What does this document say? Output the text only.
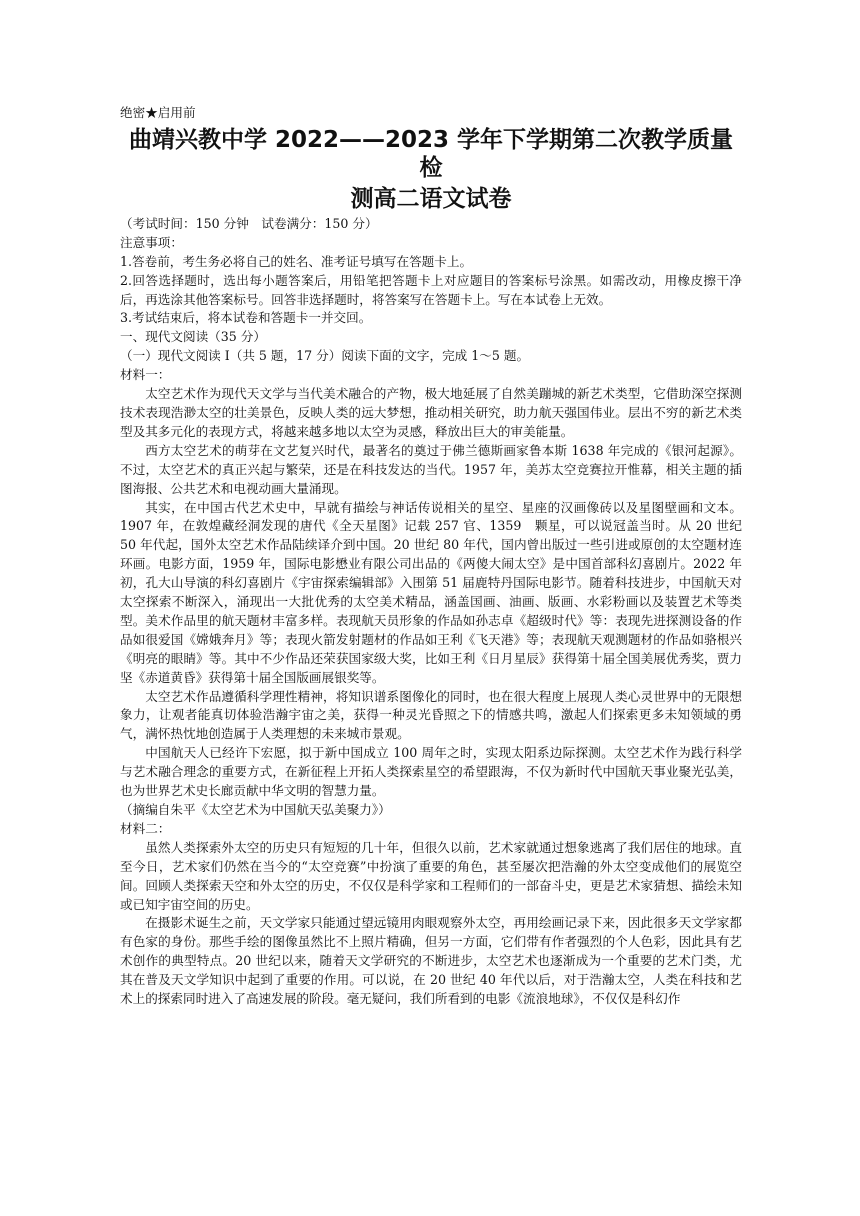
绝密★启用前
曲靖兴教中学 2022——2023 学年下学期第二次教学质量检
测高二语文试卷
（考试时间：150 分钟　试卷满分：150 分）
注意事项：

1.答卷前，考生务必将自己的姓名、准考证号填写在答题卡上。

2.回答选择题时，选出每小题答案后，用铅笔把答题卡上对应题目的答案标号涂黑。如需改动，用橡皮擦干净后，再选涂其他答案标号。回答非选择题时，将答案写在答题卡上。写在本试卷上无效。

3.考试结束后，将本试卷和答题卡一并交回。

一、现代文阅读（35 分）
（一）现代文阅读 I（共 5 题，17 分）阅读下面的文字，完成 1～5 题。
材料一：

太空艺术作为现代天文学与当代美术融合的产物，极大地延展了自然美蹦城的新艺术类型，它借助深空探测技术表现浩渺太空的壮美景色，反映人类的远大梦想，推动相关研究，助力航天强国伟业。层出不穷的新艺术类型及其多元化的表现方式，将越来越多地以太空为灵感，释放出巨大的审美能量。

西方太空艺术的萌芽在文艺复兴时代，最著名的奠过于佛兰德斯画家鲁本斯 1638 年完成的《银河起源》。不过，太空艺术的真正兴起与繁荣，还是在科技发达的当代。1957 年，美苏太空竞赛拉开惟幕，相关主题的插图海报、公共艺术和电视动画大量涌现。

其实，在中国古代艺术史中，早就有描绘与神话传说相关的星空、星座的汉画像砖以及星图壁画和文本。1907 年，在敦煌藏经洞发现的唐代《全天星图》记载 257 官、1359　颗星，可以说冠盖当时。从 20 世纪 50 年代起，国外太空艺术作品陆续译介到中国。20 世纪 80 年代，国内曾出版过一些引进或原创的太空题材连环画。电影方面，1959 年，国际电影懋业有限公司出品的《两傻大闹太空》是中国首部科幻喜剧片。2022 年初，孔大山导演的科幻喜剧片《宇宙探索编辑部》入围第 51 届鹿特丹国际电影节。随着科技进步，中国航天对太空探索不断深入，涌现出一大批优秀的太空美术精品，涵盖国画、油画、版画、水彩粉画以及装置艺术等类型。美术作品里的航天题材丰富多样。表现航天员形象的作品如孙志卓《超级时代》等：表现先进探测设备的作品如很爱国《嫦娥奔月》等；表现火箭发射题材的作品如王利《飞天港》等；表现航天观测题材的作品如骆根兴《明亮的眼睛》等。其中不少作品还荣获国家级大奖，比如王利《日月星辰》获得第十届全国美展优秀奖，贾力坚《赤道黄昏》获得第十届全国版画展银奖等。

太空艺术作品遵循科学理性精神，将知识谱系图像化的同时，也在很大程度上展现人类心灵世界中的无限想象力，让观者能真切体验浩瀚宇宙之美，获得一种灵光昏照之下的情感共鸣，激起人们探索更多未知领域的勇气，满怀热忱地创造属于人类理想的未来城市景观。

中国航天人已经许下宏愿，拟于新中国成立 100 周年之时，实现太阳系边际探测。太空艺术作为践行科学与艺术融合理念的重要方式，在新征程上开拓人类探索星空的希望跟海，不仅为新时代中国航天事业聚光弘美，也为世界艺术史长廊贡献中华文明的智慧力量。

（摘编自朱平《太空艺术为中国航天弘美聚力》）
材料二：

虽然人类探索外太空的历史只有短短的几十年，但很久以前，艺术家就通过想象逃离了我们居住的地球。直至今日，艺术家们仍然在当今的“太空竞赛”中扮演了重要的角色，甚至屡次把浩瀚的外太空变成他们的展览空间。回顾人类探索天空和外太空的历史，不仅仅是科学家和工程师们的一部奋斗史，更是艺术家猜想、描绘未知或已知宇宙空间的历史。

在摄影术诞生之前，天文学家只能通过望远镜用肉眼观察外太空，再用绘画记录下来，因此很多天文学家都有色家的身份。那些手绘的图像虽然比不上照片精确，但另一方面，它们带有作者强烈的个人色彩，因此具有艺术创作的典型特点。20 世纪以来，随着天文学研究的不断进步，太空艺术也逐渐成为一个重要的艺术门类，尤其在普及天文学知识中起到了重要的作用。可以说，在 20 世纪 40 年代以后，对于浩瀚太空，人类在科技和艺术上的探索同时进入了高速发展的阶段。毫无疑问，我们所看到的电影《流浪地球》，不仅仅是科幻作
